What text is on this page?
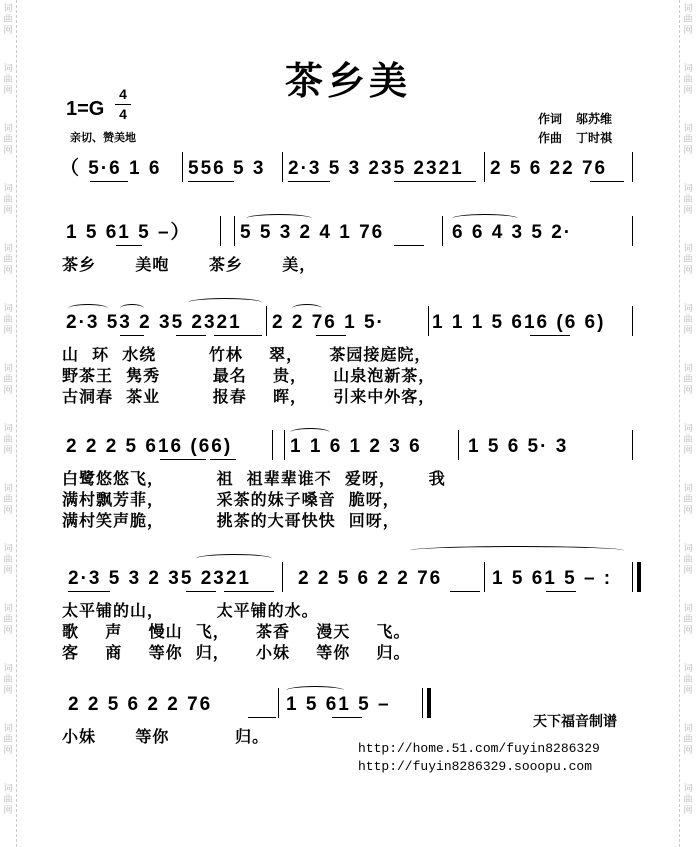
词
曲
网
词
曲
网
词
曲
网
词
曲
网
词
曲
网
词
曲
网
词
曲
网
词
曲
网
词
曲
网
词
曲
网
词
曲
网
词
曲
网
词
曲
网
词
曲
网
词
曲
网
词
曲
网
词
曲
网
词
曲
网
词
曲
网
词
曲
网
词
曲
网
词
曲
网
词
曲
网
词
曲
网
词
曲
网
词
曲
网
词
曲
网
词
曲
网
茶乡美
1=G
4
4
亲切、赞美地
作词 邬苏维
作曲 丁时祺
（ 5·6 1 6 556 5 3 2·3 5 3 235 2321 2 5 6 22 76
1 5 61 5 –）	5 5 3 2 4 1 76	6 6 4 3 5 2·
茶乡      美咆      茶乡      美，
2·3 53 2 35 2321 2 2 76 1 5· 1 1 1 5 616 (6 6)
山  环  水绕        竹林    翠，    茶园接庭院，
野茶王  隽秀        最名    贵，    山泉泡新茶，
古洞春  茶业        报春    晖，    引来中外客，
2 2 2 5 616 (66)	1 1 6 1 2 3 6 1 5 6 5· 3
白鹭悠悠飞，        祖  祖辈辈谁不  爱呀，     我
满村飘芳菲，        采茶的妹子嗓音  脆呀，
满村笑声脆，        挑茶的大哥快快  回呀，
2·3 5 3 2 35 2321 2 2 5 6 2 2 76	1 5 61 5 – :
太平铺的山，        太平铺的水。
歌    声    慢山  飞，    茶香    漫天    飞。
客    商    等你  归，    小妹    等你    归。
2 2 5 6 2 2 76	1 5 61 5 –
小妹      等你          归。
天下福音制谱
http://home.51.com/fuyin8286329
http://fuyin8286329.sooopu.com
